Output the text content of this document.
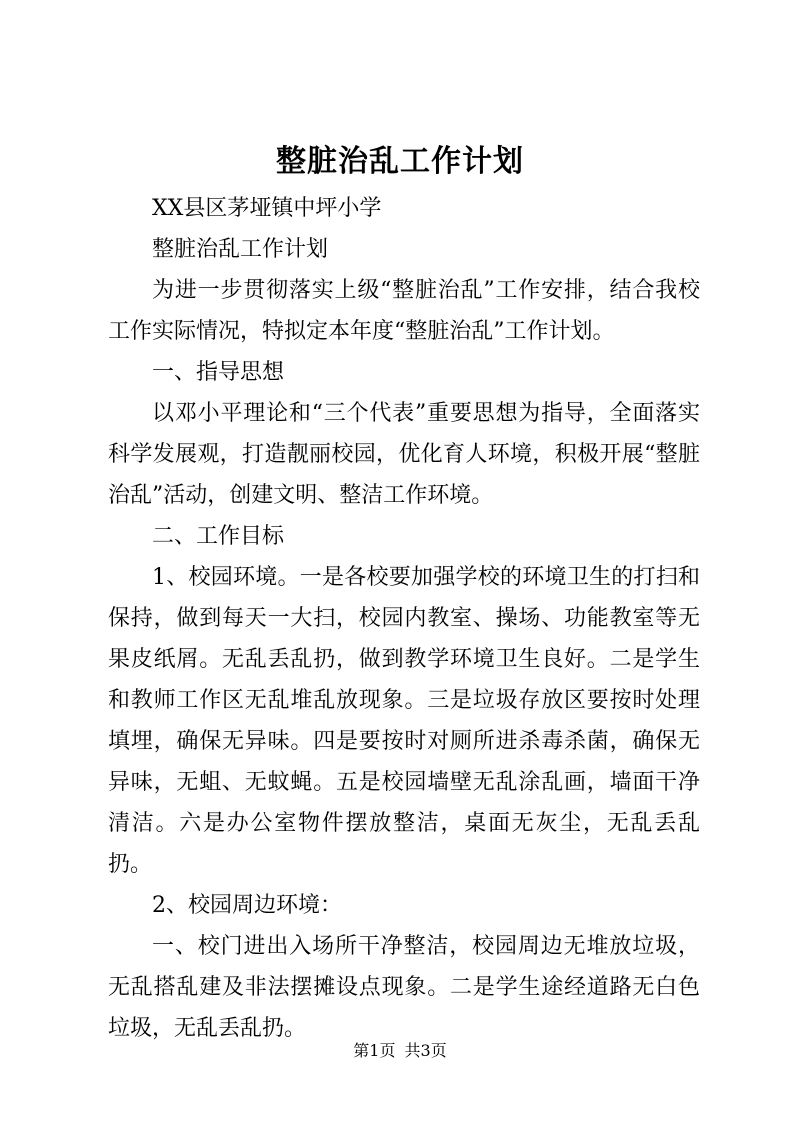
整脏治乱工作计划

XX县区茅垭镇中坪小学

整脏治乱工作计划

为进一步贯彻落实上级“整脏治乱”工作安排，结合我校工作实际情况，特拟定本年度“整脏治乱”工作计划。

一、指导思想

以邓小平理论和“三个代表”重要思想为指导，全面落实科学发展观，打造靓丽校园，优化育人环境，积极开展“整脏治乱”活动，创建文明、整洁工作环境。

二、工作目标

1、校园环境。一是各校要加强学校的环境卫生的打扫和保持，做到每天一大扫，校园内教室、操场、功能教室等无果皮纸屑。无乱丢乱扔，做到教学环境卫生良好。二是学生和教师工作区无乱堆乱放现象。三是垃圾存放区要按时处理填埋，确保无异味。四是要按时对厕所进杀毒杀菌，确保无异味，无蛆、无蚊蝇。五是校园墙壁无乱涂乱画，墙面干净清洁。六是办公室物件摆放整洁，桌面无灰尘，无乱丢乱扔。

2、校园周边环境：

一、校门进出入场所干净整洁，校园周边无堆放垃圾，无乱搭乱建及非法摆摊设点现象。二是学生途经道路无白色垃圾，无乱丢乱扔。

第1页 共3页
